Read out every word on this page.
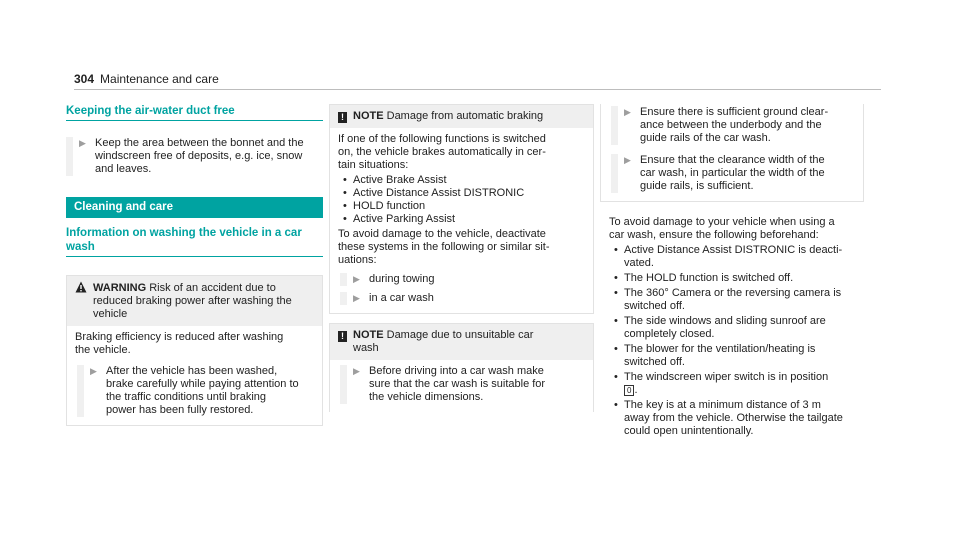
304 Maintenance and care
Keeping the air-water duct free
▶ Keep the area between the bonnet and the

windscreen free of deposits, e.g. ice, snow

and leaves.

Cleaning and care

Information on washing the vehicle in a car

wash

WARNING Risk of an accident due to

reduced braking power after washing the

vehicle

Braking efficiency is reduced after washing

the vehicle.

▶ After the vehicle has been washed,

brake carefully while paying attention to

the traffic conditions until braking

power has been fully restored.

! NOTE Damage from automatic braking

If one of the following functions is switched

on, the vehicle brakes automatically in cer-

tain situations:

• Active Brake Assist
• Active Distance Assist DISTRONIC
• HOLD function
• Active Parking Assist

To avoid damage to the vehicle, deactivate

these systems in the following or similar sit-

uations:

▶ during towing

▶ in a car wash

! NOTE Damage due to unsuitable car

wash

▶ Before driving into a car wash make

sure that the car wash is suitable for

the vehicle dimensions.

▶ Ensure there is sufficient ground clear-

ance between the underbody and the

guide rails of the car wash.

▶ Ensure that the clearance width of the

car wash, in particular the width of the

guide rails, is sufficient.

To avoid damage to your vehicle when using a

car wash, ensure the following beforehand:

• Active Distance Assist DISTRONIC is deacti-

vated.

• The HOLD function is switched off.

• The 360° Camera or the reversing camera is

switched off.

• The side windows and sliding sunroof are

completely closed.

• The blower for the ventilation/heating is

switched off.

• The windscreen wiper switch is in position

0 .

• The key is at a minimum distance of 3 m

away from the vehicle. Otherwise the tailgate

could open unintentionally.
